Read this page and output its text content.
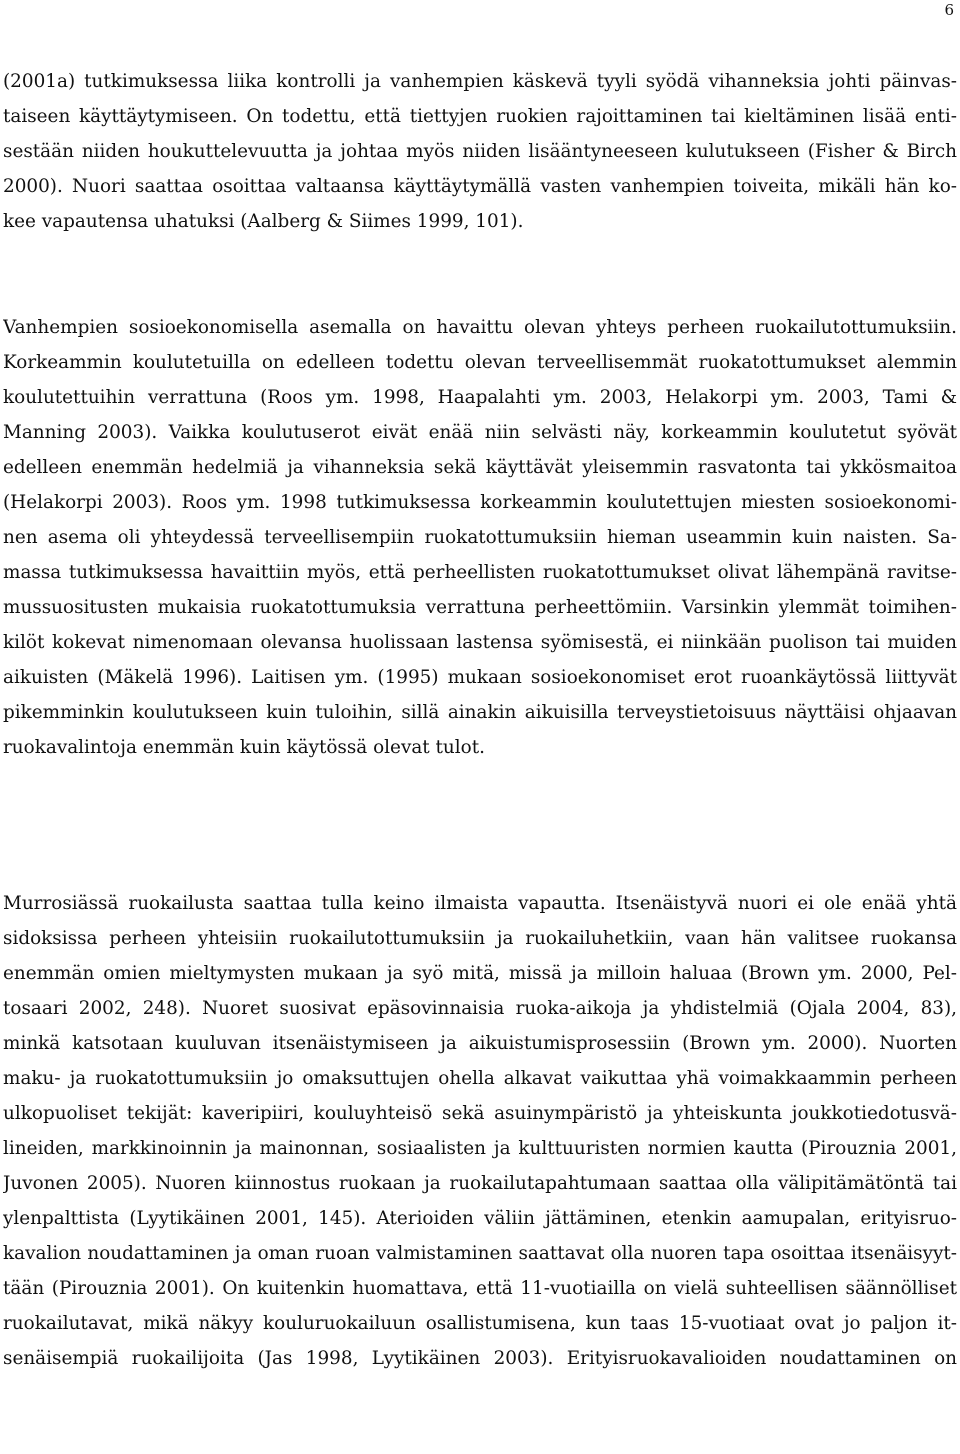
6
(2001a) tutkimuksessa liika kontrolli ja vanhempien käskevä tyyli syödä vihanneksia johti päinvas-
taiseen käyttäytymiseen. On todettu, että tiettyjen ruokien rajoittaminen tai kieltäminen lisää enti-
sestään niiden houkuttelevuutta ja johtaa myös niiden lisääntyneeseen kulutukseen (Fisher & Birch
2000). Nuori saattaa osoittaa valtaansa käyttäytymällä vasten vanhempien toiveita, mikäli hän ko-
kee vapautensa uhatuksi (Aalberg & Siimes 1999, 101).
Vanhempien sosioekonomisella asemalla on havaittu olevan yhteys perheen ruokailutottumuksiin.
Korkeammin koulutetuilla on edelleen todettu olevan terveellisemmät ruokatottumukset alemmin
koulutettuihin verrattuna (Roos ym. 1998, Haapalahti ym. 2003, Helakorpi ym. 2003, Tami &
Manning 2003). Vaikka koulutuserot eivät enää niin selvästi näy, korkeammin koulutetut syövät
edelleen enemmän hedelmiä ja vihanneksia sekä käyttävät yleisemmin rasvatonta tai ykkösmaitoa
(Helakorpi 2003). Roos ym. 1998 tutkimuksessa korkeammin koulutettujen miesten sosioekonomi-
nen asema oli yhteydessä terveellisempiin ruokatottumuksiin hieman useammin kuin naisten. Sa-
massa tutkimuksessa havaittiin myös, että perheellisten ruokatottumukset olivat lähempänä ravitse-
mussuositusten mukaisia ruokatottumuksia verrattuna perheettömiin. Varsinkin ylemmät toimihen-
kilöt kokevat nimenomaan olevansa huolissaan lastensa syömisestä, ei niinkään puolison tai muiden
aikuisten (Mäkelä 1996). Laitisen ym. (1995) mukaan sosioekonomiset erot ruoankäytössä liittyvät
pikemminkin koulutukseen kuin tuloihin, sillä ainakin aikuisilla terveystietoisuus näyttäisi ohjaavan
ruokavalintoja enemmän kuin käytössä olevat tulot.
Murrosiässä ruokailusta saattaa tulla keino ilmaista vapautta. Itsenäistyvä nuori ei ole enää yhtä
sidoksissa perheen yhteisiin ruokailutottumuksiin ja ruokailuhetkiin, vaan hän valitsee ruokansa
enemmän omien mieltymysten mukaan ja syö mitä, missä ja milloin haluaa (Brown ym. 2000, Pel-
tosaari 2002, 248). Nuoret suosivat epäsovinnaisia ruoka-aikoja ja yhdistelmiä (Ojala 2004, 83),
minkä katsotaan kuuluvan itsenäistymiseen ja aikuistumisprosessiin (Brown ym. 2000). Nuorten
maku- ja ruokatottumuksiin jo omaksuttujen ohella alkavat vaikuttaa yhä voimakkaammin perheen
ulkopuoliset tekijät: kaveripiiri, kouluyhteisö sekä asuinympäristö ja yhteiskunta joukkotiedotusvä-
lineiden, markkinoinnin ja mainonnan, sosiaalisten ja kulttuuristen normien kautta (Pirouznia 2001,
Juvonen 2005). Nuoren kiinnostus ruokaan ja ruokailutapahtumaan saattaa olla välipitämätöntä tai
ylenpalttista (Lyytikäinen 2001, 145). Aterioiden väliin jättäminen, etenkin aamupalan, erityisruo-
kavalion noudattaminen ja oman ruoan valmistaminen saattavat olla nuoren tapa osoittaa itsenäisyyt-
tään (Pirouznia 2001). On kuitenkin huomattava, että 11-vuotiailla on vielä suhteellisen säännölliset
ruokailutavat, mikä näkyy kouluruokailuun osallistumisena, kun taas 15-vuotiaat ovat jo paljon it-
senäisempiä ruokailijoita (Jas 1998, Lyytikäinen 2003). Erityisruokavalioiden noudattaminen on
